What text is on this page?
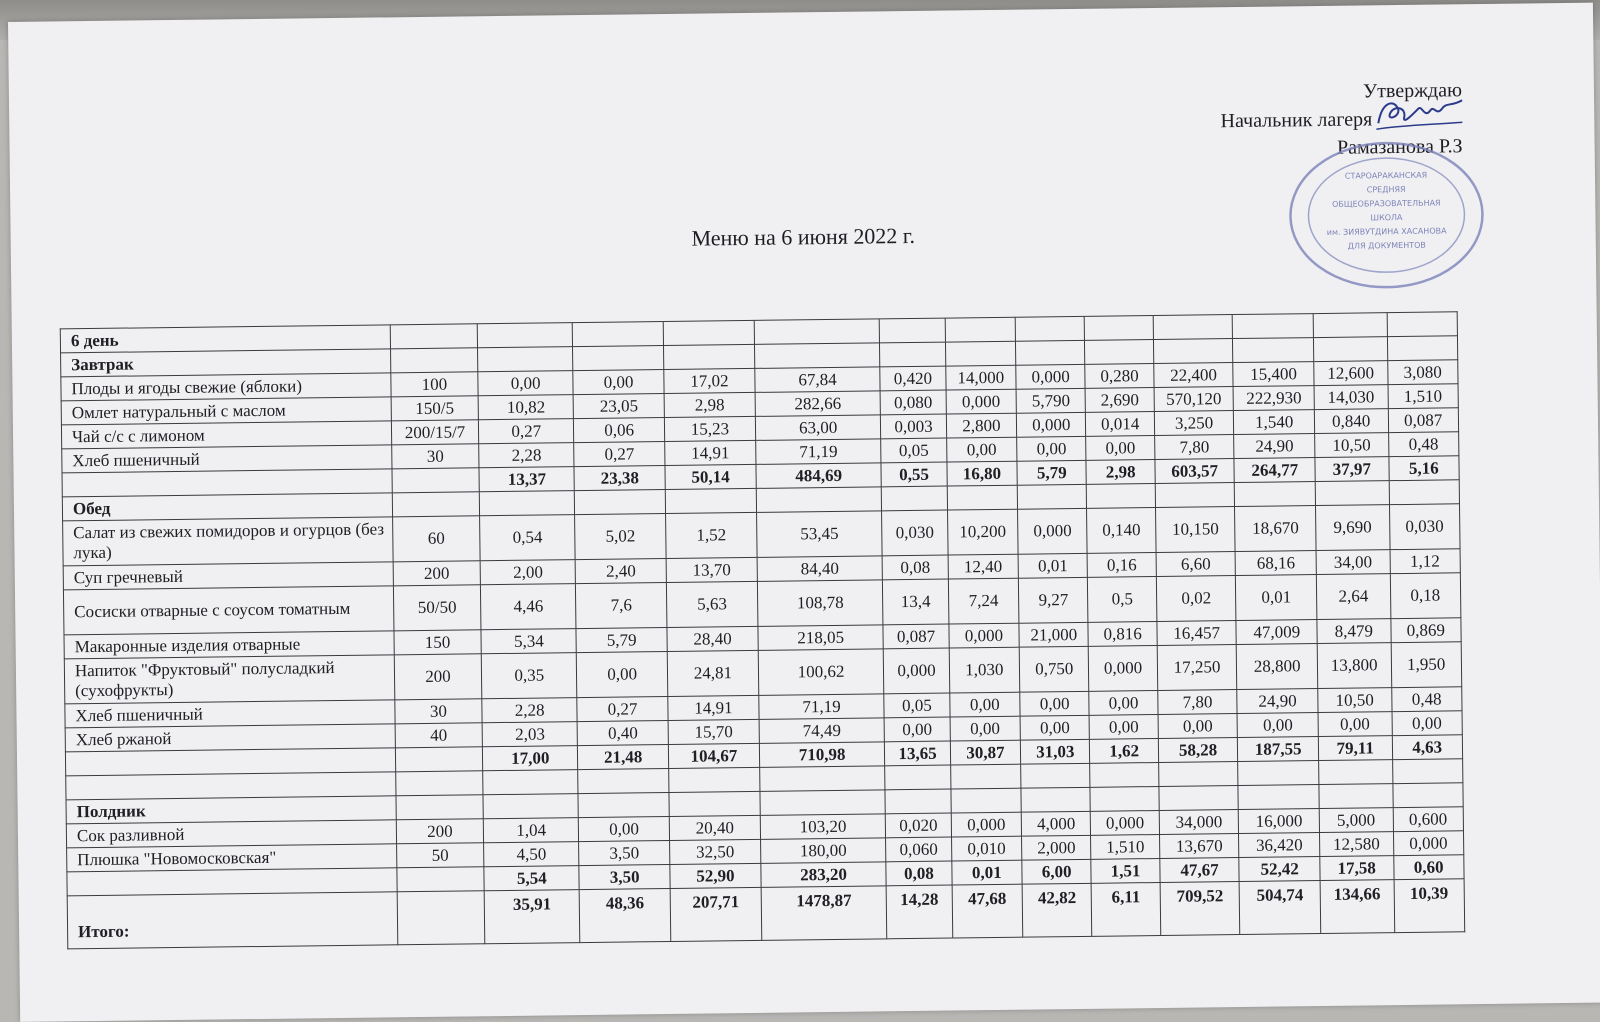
Утверждаю
Начальник лагеря
Рамазанова Р.З
СТАРОАРАКАНСКАЯ
СРЕДНЯЯ
ОБЩЕОБРАЗОВАТЕЛЬНАЯ
ШКОЛА
им. ЗИЯВУТДИНА ХАСАНОВА
ДЛЯ ДОКУМЕНТОВ
Меню на 6 июня 2022 г.
6 день													
Завтрак													
Плоды и ягоды свежие (яблоки)	100	0,00	0,00	17,02	67,84	0,420	14,000	0,000	0,280	22,400	15,400	12,600	3,080
Омлет натуральный с маслом	150/5	10,82	23,05	2,98	282,66	0,080	0,000	5,790	2,690	570,120	222,930	14,030	1,510
Чай с/с с лимоном	200/15/7	0,27	0,06	15,23	63,00	0,003	2,800	0,000	0,014	3,250	1,540	0,840	0,087
Хлеб пшеничный	30	2,28	0,27	14,91	71,19	0,05	0,00	0,00	0,00	7,80	24,90	10,50	0,48
		13,37	23,38	50,14	484,69	0,55	16,80	5,79	2,98	603,57	264,77	37,97	5,16
Обед													
Салат из свежих помидоров и огурцов (без лука)	60	0,54	5,02	1,52	53,45	0,030	10,200	0,000	0,140	10,150	18,670	9,690	0,030
Суп гречневый	200	2,00	2,40	13,70	84,40	0,08	12,40	0,01	0,16	6,60	68,16	34,00	1,12
Сосиски отварные с соусом томатным	50/50	4,46	7,6	5,63	108,78	13,4	7,24	9,27	0,5	0,02	0,01	2,64	0,18
Макаронные изделия отварные	150	5,34	5,79	28,40	218,05	0,087	0,000	21,000	0,816	16,457	47,009	8,479	0,869
Напиток "Фруктовый" полусладкий (сухофрукты)	200	0,35	0,00	24,81	100,62	0,000	1,030	0,750	0,000	17,250	28,800	13,800	1,950
Хлеб пшеничный	30	2,28	0,27	14,91	71,19	0,05	0,00	0,00	0,00	7,80	24,90	10,50	0,48
Хлеб ржаной	40	2,03	0,40	15,70	74,49	0,00	0,00	0,00	0,00	0,00	0,00	0,00	0,00
		17,00	21,48	104,67	710,98	13,65	30,87	31,03	1,62	58,28	187,55	79,11	4,63

Полдник													
Сок разливной	200	1,04	0,00	20,40	103,20	0,020	0,000	4,000	0,000	34,000	16,000	5,000	0,600
Плюшка "Новомосковская"	50	4,50	3,50	32,50	180,00	0,060	0,010	2,000	1,510	13,670	36,420	12,580	0,000
		5,54	3,50	52,90	283,20	0,08	0,01	6,00	1,51	47,67	52,42	17,58	0,60
Итого:		35,91	48,36	207,71	1478,87	14,28	47,68	42,82	6,11	709,52	504,74	134,66	10,39
